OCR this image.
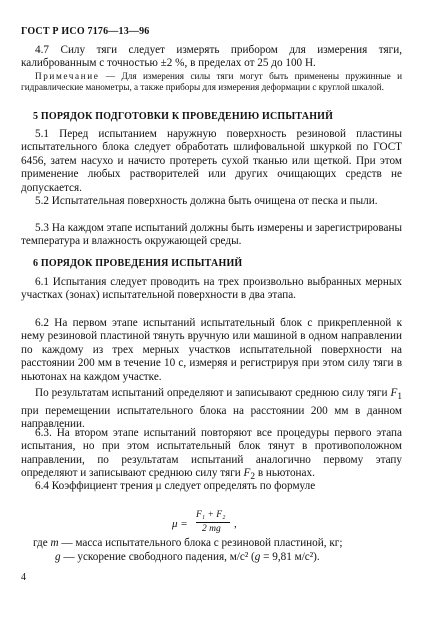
ГОСТ Р ИСО 7176—13—96
4.7 Силу тяги следует измерять прибором для измерения тяги, калиброванным с точностью ±2 %, в пределах от 25 до 100 Н.
Примечание — Для измерения силы тяги могут быть применены пружинные и гидравлические манометры, а также приборы для измерения деформации с круглой шкалой.
5 ПОРЯДОК ПОДГОТОВКИ К ПРОВЕДЕНИЮ ИСПЫТАНИЙ
5.1 Перед испытанием наружную поверхность резиновой пластины испытательного блока следует обработать шлифовальной шкуркой по ГОСТ 6456, затем насухо и начисто протереть сухой тканью или щеткой. При этом применение любых растворителей или других очищающих средств не допускается.
5.2 Испытательная поверхность должна быть очищена от песка и пыли.
5.3 На каждом этапе испытаний должны быть измерены и зарегистрированы температура и влажность окружающей среды.
6 ПОРЯДОК ПРОВЕДЕНИЯ ИСПЫТАНИЙ
6.1 Испытания следует проводить на трех произвольно выбранных мерных участках (зонах) испытательной поверхности в два этапа.
6.2 На первом этапе испытаний испытательный блок с прикрепленной к нему резиновой пластиной тянуть вручную или машиной в одном направлении по каждому из трех мерных участков испытательной поверхности на расстоянии 200 мм в течение 10 с, измеряя и регистрируя при этом силу тяги в ньютонах на каждом участке.
По результатам испытаний определяют и записывают среднюю силу тяги $F_1$ при перемещении испытательного блока на расстоянии 200 мм в данном направлении.
6.3. На втором этапе испытаний повторяют все процедуры первого этапа испытания, но при этом испытательный блок тянут в противоположном направлении, по результатам испытаний аналогично первому этапу определяют и записывают среднюю силу тяги $F_2$ в ньютонах.
6.4 Коэффициент трения μ следует определять по формуле
μ =
F₁ + F₂
2 mg ,
где m — масса испытательного блока с резиновой пластиной, кг;
g — ускорение свободного падения, м/с² (g = 9,81 м/с²).
4
